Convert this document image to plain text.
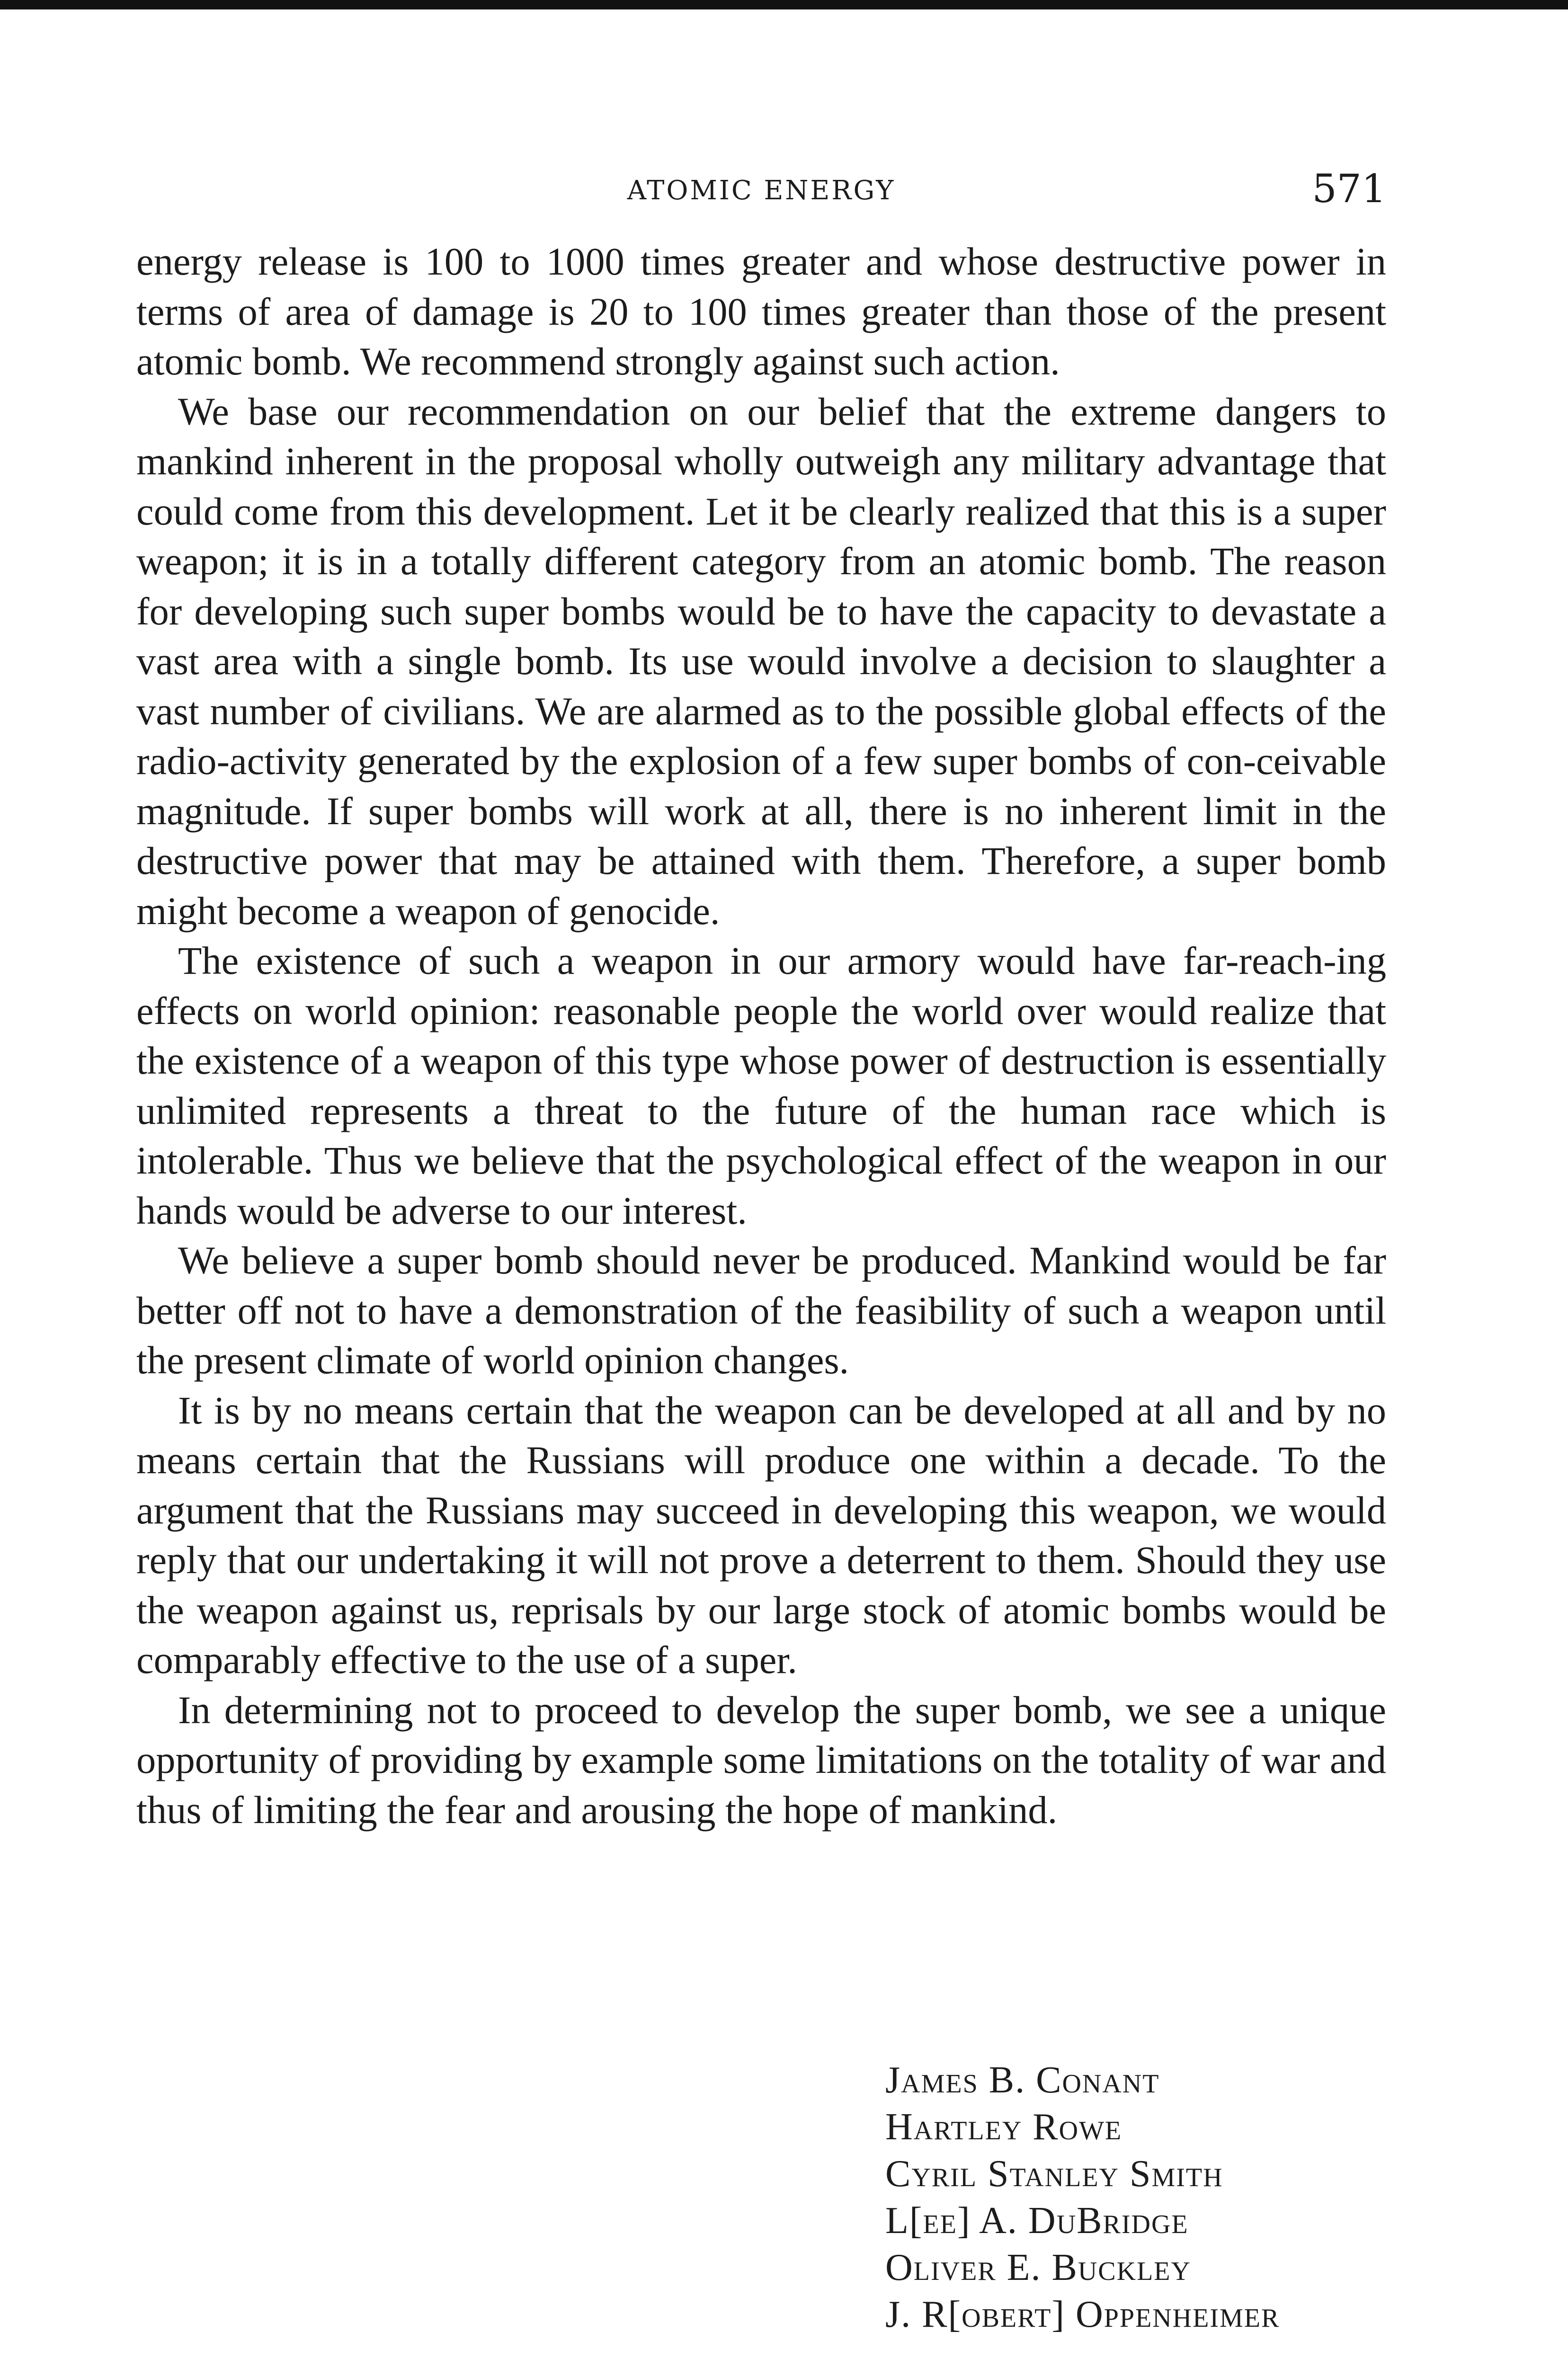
ATOMIC ENERGY	571

energy release is 100 to 1000 times greater and whose destructive power in terms of area of damage is 20 to 100 times greater than those of the present atomic bomb. We recommend strongly against such action.

We base our recommendation on our belief that the extreme dangers to mankind inherent in the proposal wholly outweigh any military advantage that could come from this development. Let it be clearly realized that this is a super weapon; it is in a totally different category from an atomic bomb. The reason for developing such super bombs would be to have the capacity to devastate a vast area with a single bomb. Its use would involve a decision to slaughter a vast number of civilians. We are alarmed as to the possible global effects of the radio-activity generated by the explosion of a few super bombs of con-ceivable magnitude. If super bombs will work at all, there is no inherent limit in the destructive power that may be attained with them. Therefore, a super bomb might become a weapon of genocide.

The existence of such a weapon in our armory would have far-reach-ing effects on world opinion: reasonable people the world over would realize that the existence of a weapon of this type whose power of destruction is essentially unlimited represents a threat to the future of the human race which is intolerable. Thus we believe that the psychological effect of the weapon in our hands would be adverse to our interest.

We believe a super bomb should never be produced. Mankind would be far better off not to have a demonstration of the feasibility of such a weapon until the present climate of world opinion changes.

It is by no means certain that the weapon can be developed at all and by no means certain that the Russians will produce one within a decade. To the argument that the Russians may succeed in developing this weapon, we would reply that our undertaking it will not prove a deterrent to them. Should they use the weapon against us, reprisals by our large stock of atomic bombs would be comparably effective to the use of a super.

In determining not to proceed to develop the super bomb, we see a unique opportunity of providing by example some limitations on the totality of war and thus of limiting the fear and arousing the hope of mankind.

James B. Conant
Hartley Rowe
Cyril Stanley Smith
L[ee] A. DuBridge
Oliver E. Buckley
J. R[obert] Oppenheimer
